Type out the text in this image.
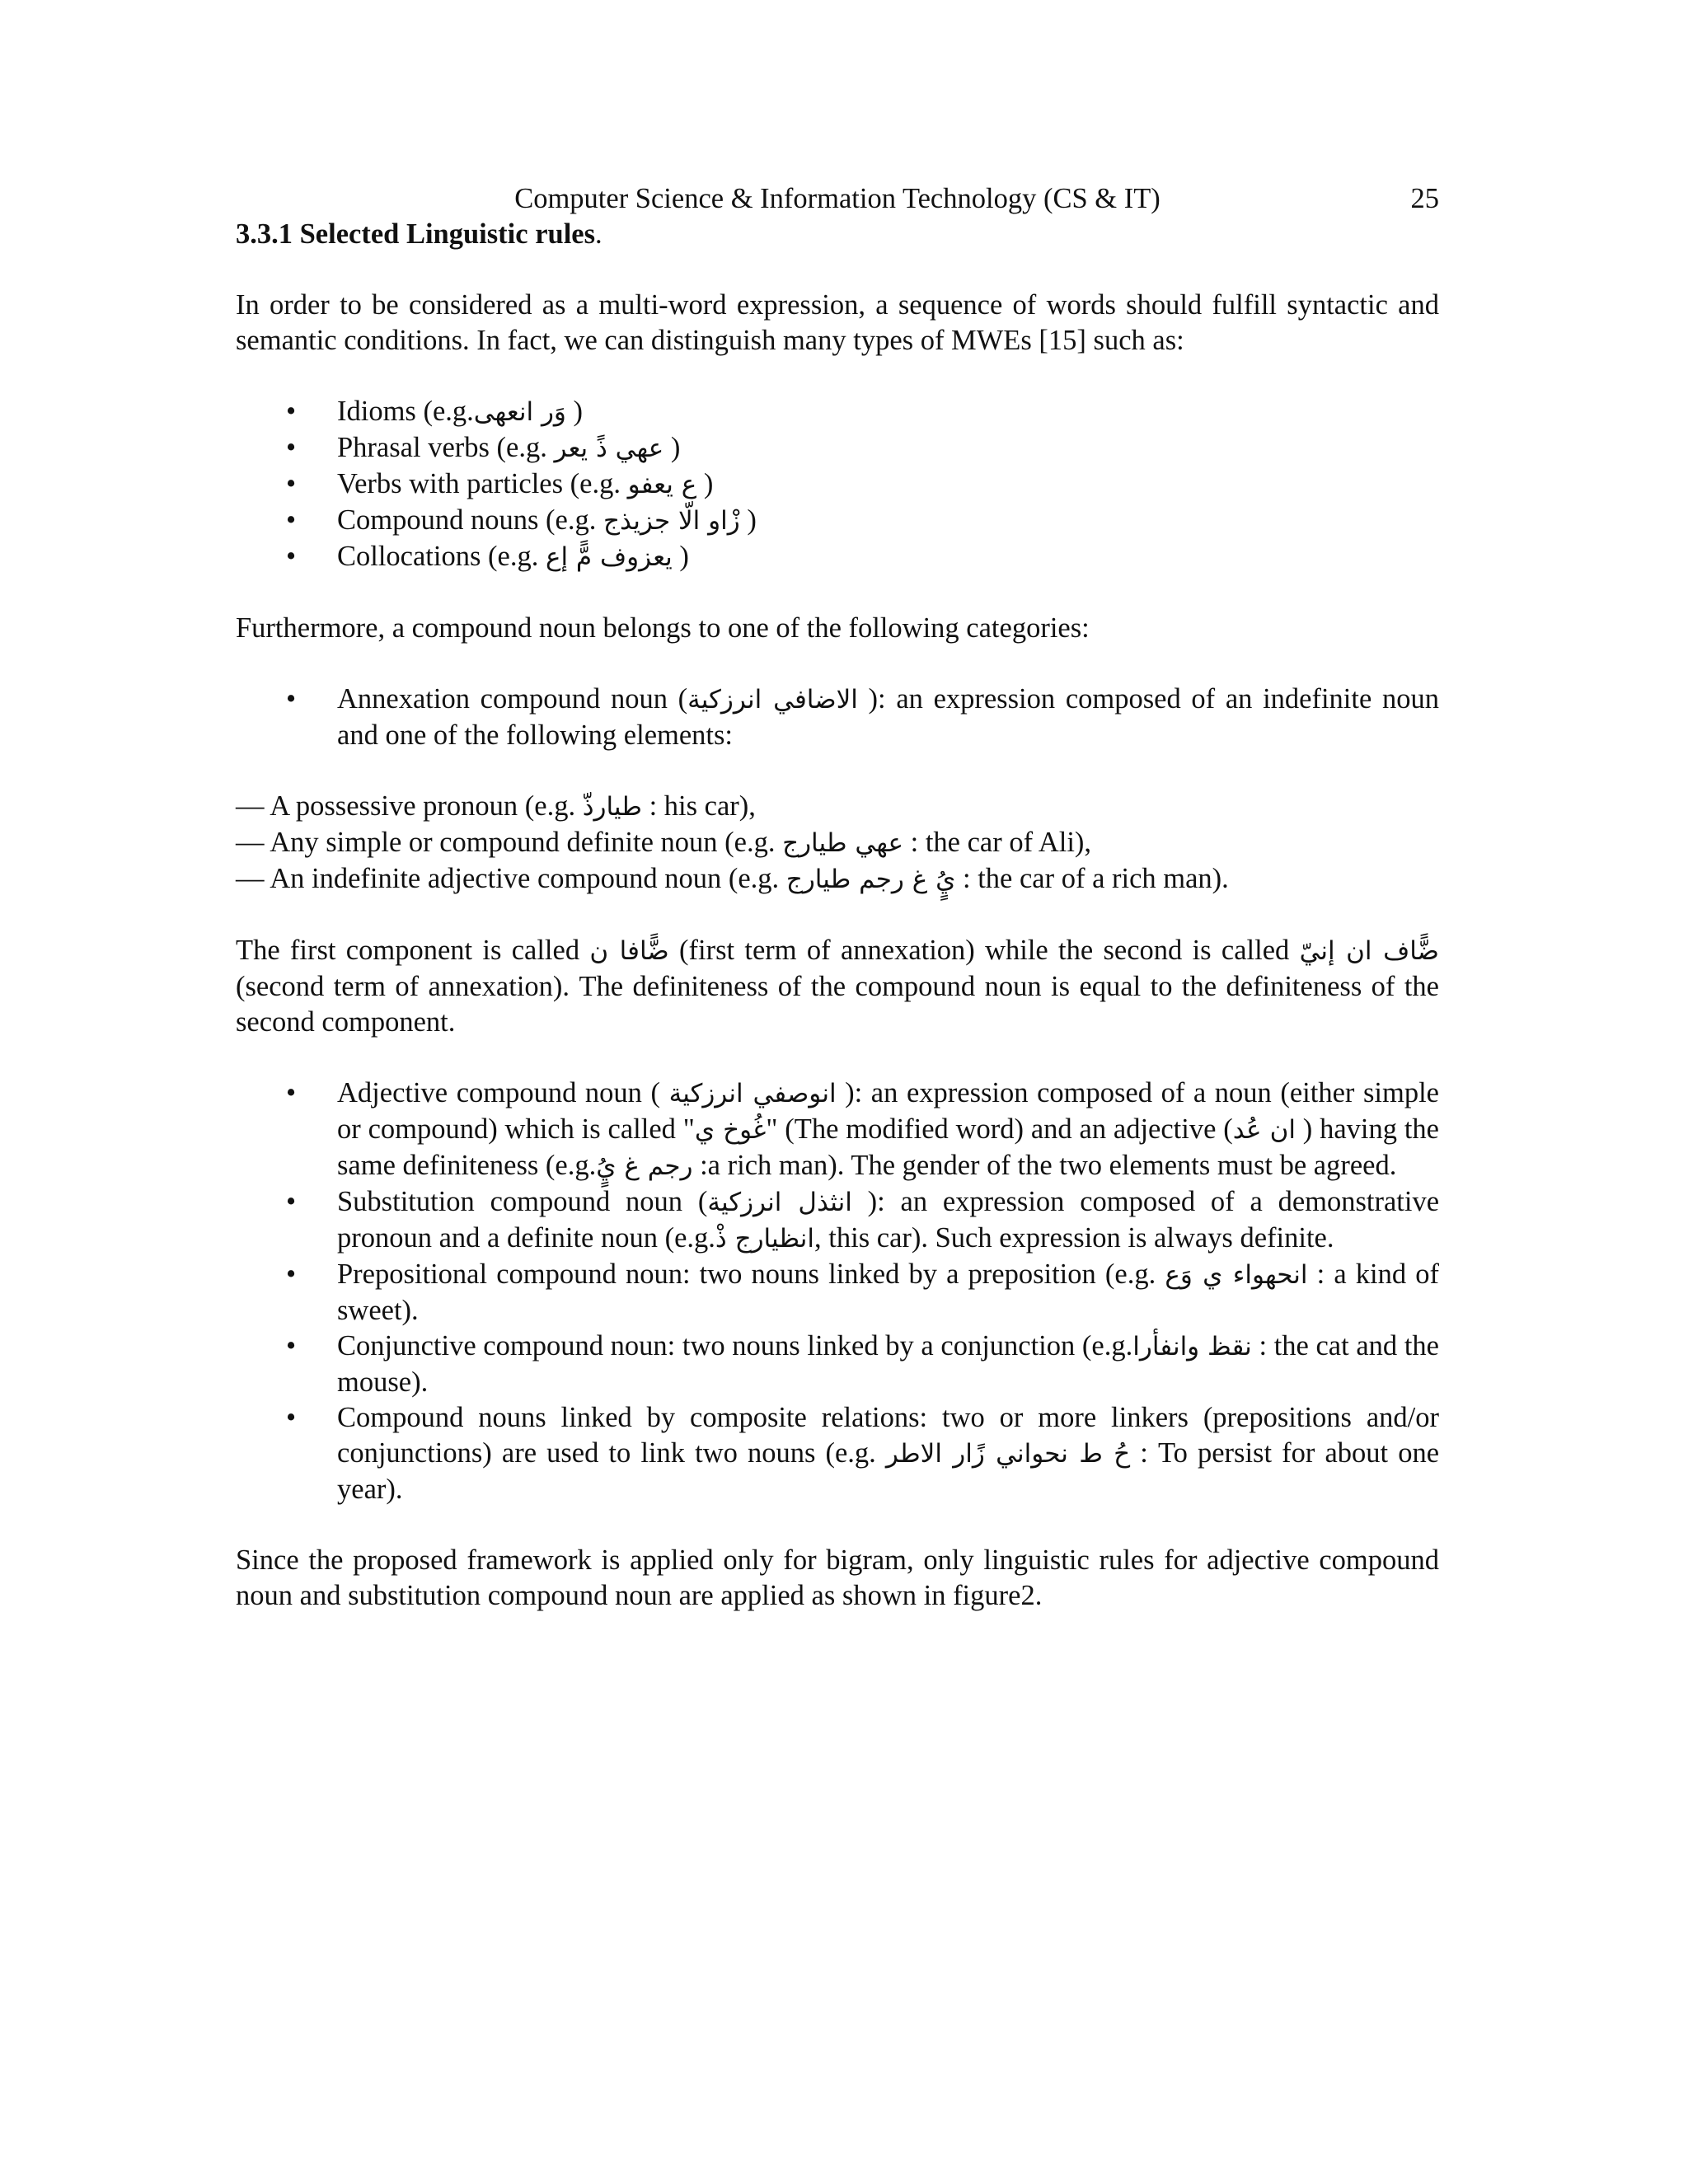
Computer Science & Information Technology (CS & IT)	25
3.3.1 Selected Linguistic rules.

In order to be considered as a multi-word expression, a sequence of words should fulfill syntactic and semantic conditions. In fact, we can distinguish many types of MWEs [15] such as:

• Idioms (e.g.وَر انعهى )
• Phrasal verbs (e.g. عهي ذً يعر )
• Verbs with particles (e.g. ع يعفو )
• Compound nouns (e.g. زْاو الّا جزيذج )
• Collocations (e.g. يعزوف مًّ إع )

Furthermore, a compound noun belongs to one of the following categories:

• Annexation compound noun (الاضافي انرزكية ): an expression composed of an indefinite noun and one of the following elements:
— A possessive pronoun (e.g. طيارذّ : his car),
— Any simple or compound definite noun (e.g. عهي طيارج : the car of Ali),
— An indefinite adjective compound noun (e.g. يٍُ غ رجم طيارج : the car of a rich man).

The first component is called ضًّافا ن (first term of annexation) while the second is called ضًّاف ان إنيّ (second term of annexation). The definiteness of the compound noun is equal to the definiteness of the second component.

• Adjective compound noun ( انوصفي انرزكية ): an expression composed of a noun (either simple or compound) which is called "غُوخ ي" (The modified word) and an adjective (ان عُد ) having the same definiteness (e.g.رجم غ يٍُ :a rich man). The gender of the two elements must be agreed.
• Substitution compound noun (انثذل انرزكية ): an expression composed of a demonstrative pronoun and a definite noun (e.g.انظيارج ذْ, this car). Such expression is always definite.
• Prepositional compound noun: two nouns linked by a preposition (e.g. انحهواء ي وَع : a kind of sweet).
• Conjunctive compound noun: two nouns linked by a conjunction (e.g.نقظ وانفأرا : the cat and the mouse).
• Compound nouns linked by composite relations: two or more linkers (prepositions and/or conjunctions) are used to link two nouns (e.g. حُ ط نحواني زًار الاطر : To persist for about one year).

Since the proposed framework is applied only for bigram, only linguistic rules for adjective compound noun and substitution compound noun are applied as shown in figure2.
